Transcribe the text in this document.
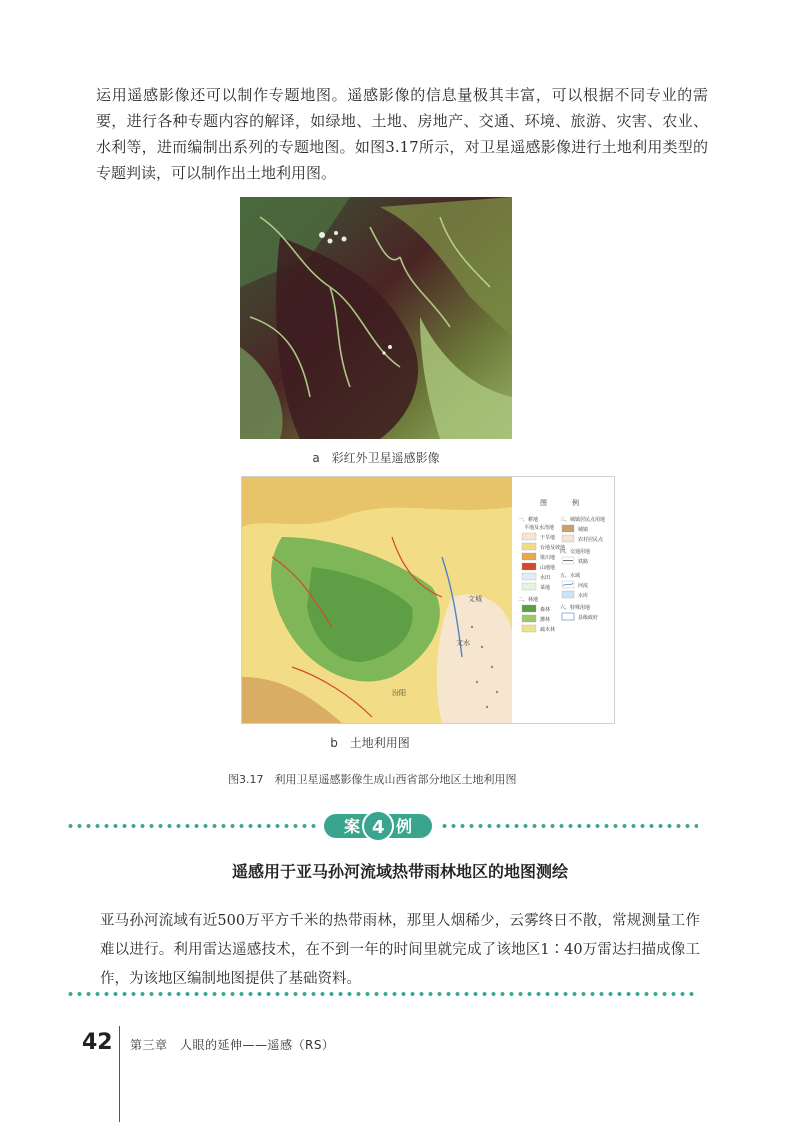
运用遥感影像还可以制作专题地图。遥感影像的信息量极其丰富，可以根据不同专业的需要，进行各种专题内容的解译，如绿地、土地、房地产、交通、环境、旅游、灾害、农业、水利等，进而编制出系列的专题地图。如图3.17所示，对卫星遥感影像进行土地利用类型的专题判读，可以制作出土地利用图。
a　彩红外卫星遥感影像
文城
文水
汾阳
图	例
一、耕地
平地及水浇地
干旱地
台地及坡地
梁川地
山地地
水田
菜地
二、林地
森林
灌林
疏木林
三、城镇居民点用地
城镇
农村居民点
四、交通用地
铁路
五、水域
河流
水库
六、特殊用地
县级政府
b　土地利用图
图3.17　利用卫星遥感影像生成山西省部分地区土地利用图
案 4 例
遥感用于亚马孙河流域热带雨林地区的地图测绘
亚马孙河流域有近500万平方千米的热带雨林，那里人烟稀少，云雾终日不散，常规测量工作难以进行。利用雷达遥感技术，在不到一年的时间里就完成了该地区1∶40万雷达扫描成像工作，为该地区编制地图提供了基础资料。
42 第三章　人眼的延伸——遥感（RS）
